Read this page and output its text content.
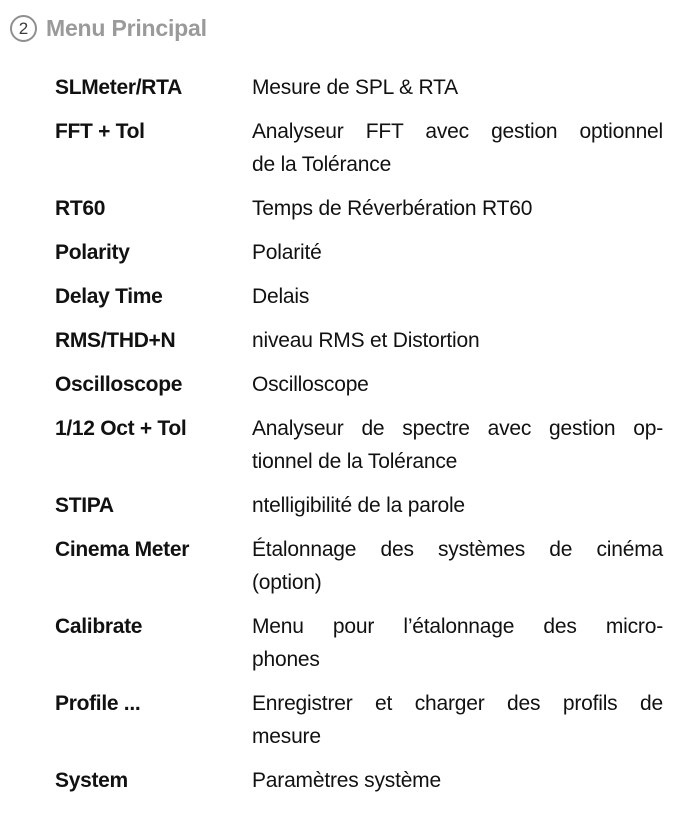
2 Menu Principal
SLMeter/RTA	Mesure de SPL & RTA
FFT + Tol	Analyseur FFT avec gestion optionnel
de la Tolérance
RT60	Temps de Réverbération RT60
Polarity	Polarité
Delay Time	Delais
RMS/THD+N	niveau RMS et Distortion
Oscilloscope	Oscilloscope
1/12 Oct + Tol	Analyseur de spectre avec gestion op-
tionnel de la Tolérance
STIPA	ntelligibilité de la parole
Cinema Meter	Étalonnage des systèmes de cinéma
(option)
Calibrate	Menu pour l’étalonnage des micro-
phones
Profile ...	Enregistrer et charger des profils de
mesure
System	Paramètres système
